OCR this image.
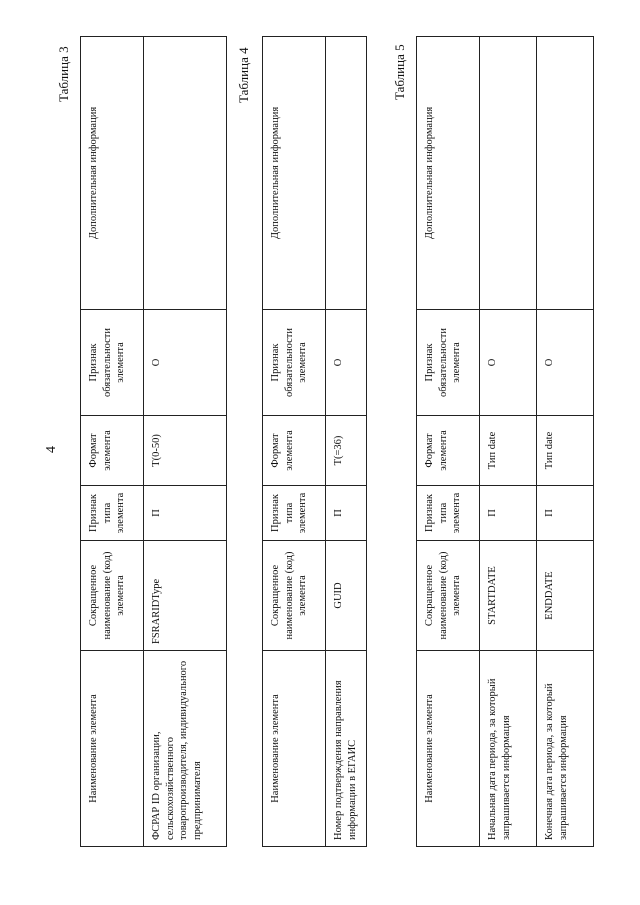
4
Таблица 3
Наименование элемента	Сокращенное наименование (код) элемента	Признак типа элемента	Формат элемента	Признак обязательности элемента	Дополнительная информация
ФСРАР ID организации, сельскохозяйственного товаропроизводителя, индивидуального предпринимателя	FSRARIDType	П	T(0-50)	О	
Таблица 4
Наименование элемента	Сокращенное наименование (код) элемента	Признак типа элемента	Формат элемента	Признак обязательности элемента	Дополнительная информация
Номер подтверждения направления информации в ЕГАИС	GUID	П	T(=36)	О	
Таблица 5
Наименование элемента	Сокращенное наименование (код) элемента	Признак типа элемента	Формат элемента	Признак обязательности элемента	Дополнительная информация
Начальная дата периода, за который запрашивается информация	STARTDATE	П	Тип date	О	
Конечная дата периода, за который запрашивается информация	ENDDATE	П	Тип date	О	
